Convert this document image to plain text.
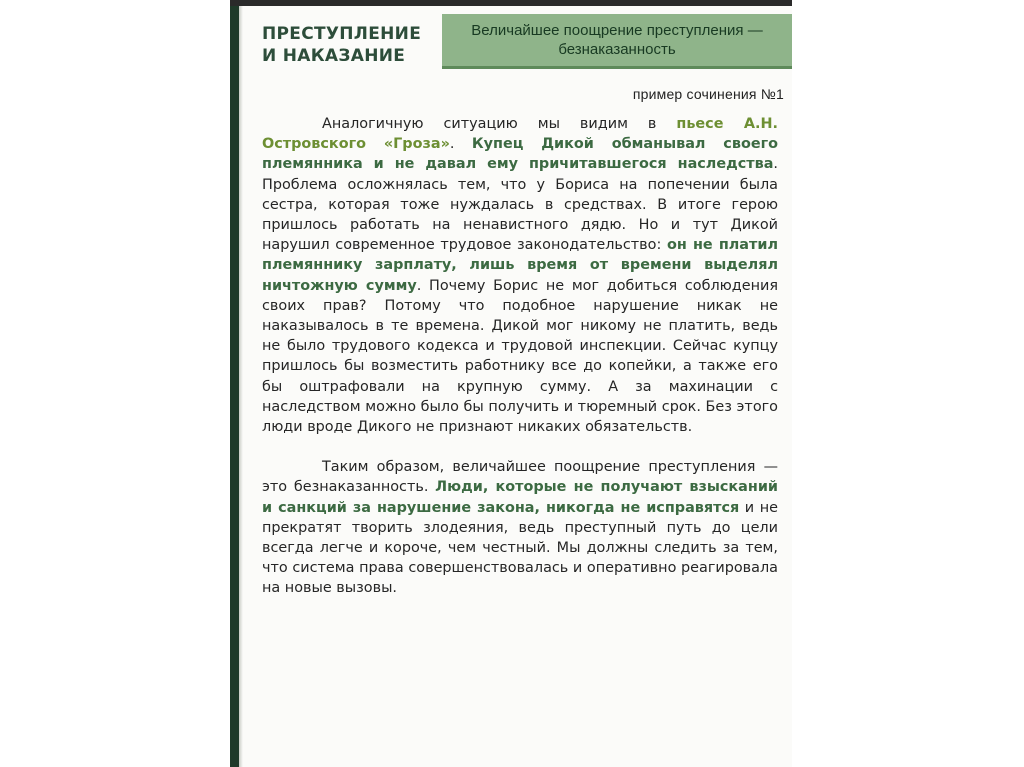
ПРЕСТУПЛЕНИЕ
И НАКАЗАНИЕ
Величайшее поощрение преступления —
безнаказанность
пример сочинения №1

Аналогичную ситуацию мы видим в пьесе А.Н. Островского «Гроза». Купец Дикой обманывал своего племянника и не давал ему причитавшегося наследства. Проблема осложнялась тем, что у Бориса на попечении была сестра, которая тоже нуждалась в средствах. В итоге герою пришлось работать на ненавистного дядю. Но и тут Дикой нарушил современное трудовое законодательство: он не платил племяннику зарплату, лишь время от времени выделял ничтожную сумму. Почему Борис не мог добиться соблюдения своих прав? Потому что подобное нарушение никак не наказывалось в те времена. Дикой мог никому не платить, ведь не было трудового кодекса и трудовой инспекции. Сейчас купцу пришлось бы возместить работнику все до копейки, а также его бы оштрафовали на крупную сумму. А за махинации с наследством можно было бы получить и тюремный срок. Без этого люди вроде Дикого не признают никаких обязательств.

Таким образом, величайшее поощрение преступления — это безнаказанность. Люди, которые не получают взысканий и санкций за нарушение закона, никогда не исправятся и не прекратят творить злодеяния, ведь преступный путь до цели всегда легче и короче, чем честный. Мы должны следить за тем, что система права совершенствовалась и оперативно реагировала на новые вызовы.
